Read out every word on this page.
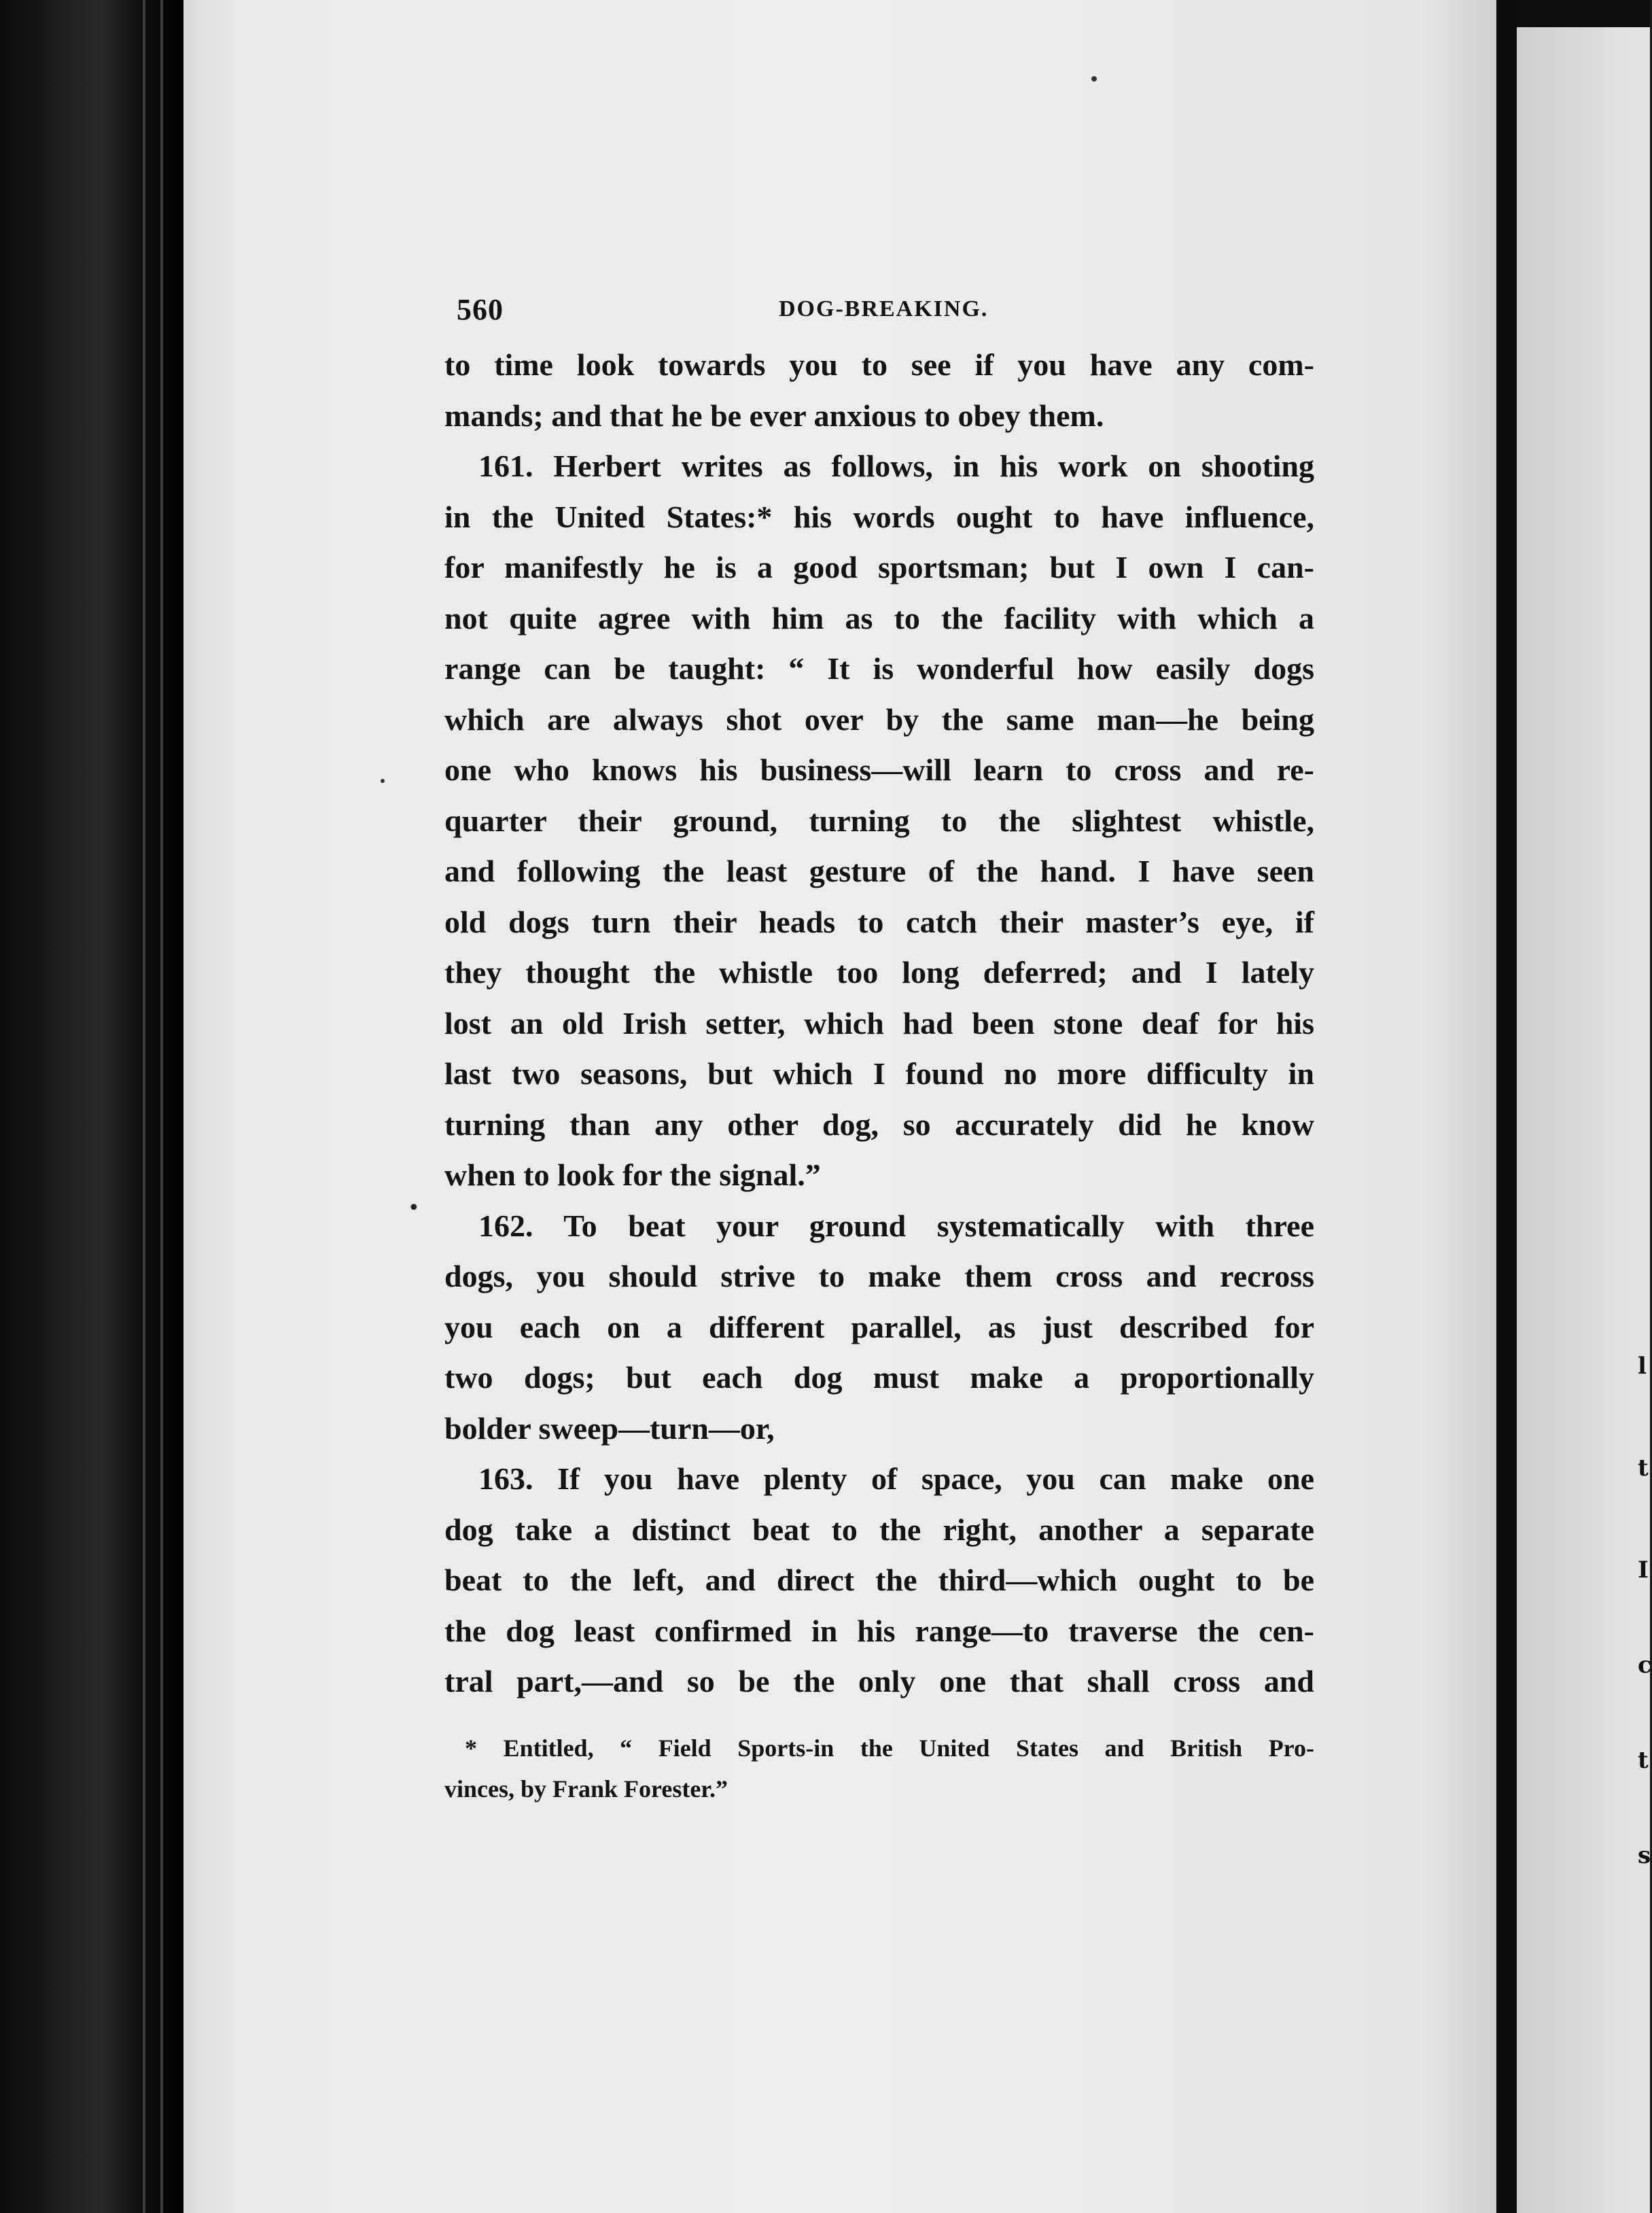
l
t
I
c
t
s
•
560	DOG-BREAKING.
to time look towards you to see if you have any com-
mands; and that he be ever anxious to obey them.
161. Herbert writes as follows, in his work on shooting
in the United States:* his words ought to have influence,
for manifestly he is a good sportsman; but I own I can-
not quite agree with him as to the facility with which a
range can be taught: “ It is wonderful how easily dogs
which are always shot over by the same man—he being
one who knows his business—will learn to cross and re-
quarter their ground, turning to the slightest whistle,
and following the least gesture of the hand. I have seen
old dogs turn their heads to catch their master’s eye, if
they thought the whistle too long deferred; and I lately
lost an old Irish setter, which had been stone deaf for his
last two seasons, but which I found no more difficulty in
turning than any other dog, so accurately did he know
when to look for the signal.”
162. To beat your ground systematically with three
dogs, you should strive to make them cross and recross
you each on a different parallel, as just described for
two dogs; but each dog must make a proportionally
bolder sweep—turn—or,
163. If you have plenty of space, you can make one
dog take a distinct beat to the right, another a separate
beat to the left, and direct the third—which ought to be
the dog least confirmed in his range—to traverse the cen-
tral part,—and so be the only one that shall cross and
* Entitled, “ Field Sports-in the United States and British Pro-
vinces, by Frank Forester.”
